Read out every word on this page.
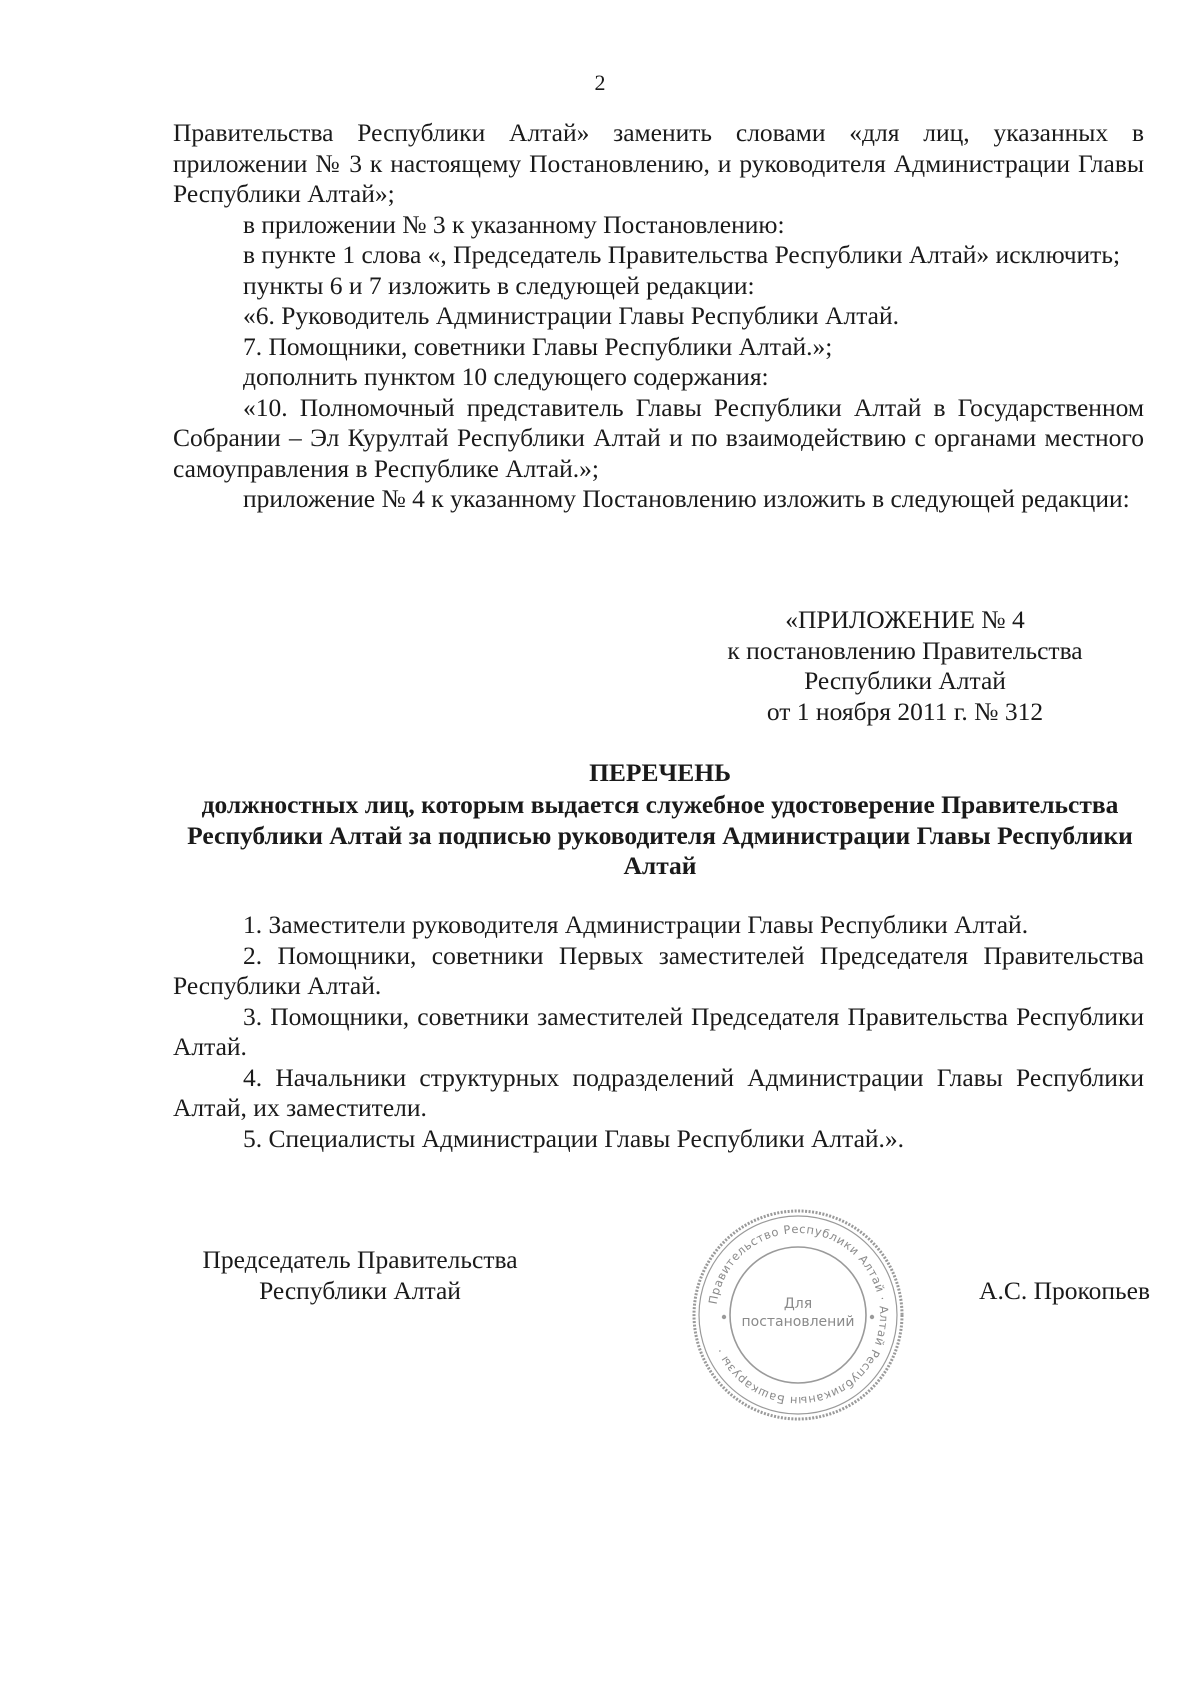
2

Правительства Республики Алтай» заменить словами «для лиц, указанных в приложении № 3 к настоящему Постановлению, и руководителя Администрации Главы Республики Алтай»;

в приложении № 3 к указанному Постановлению:

в пункте 1 слова «, Председатель Правительства Республики Алтай» исключить;

пункты 6 и 7 изложить в следующей редакции:

«6. Руководитель Администрации Главы Республики Алтай.

7. Помощники, советники Главы Республики Алтай.»;

дополнить пунктом 10 следующего содержания:

«10. Полномочный представитель Главы Республики Алтай в Государственном Собрании – Эл Курултай Республики Алтай и по взаимодействию с органами местного самоуправления в Республике Алтай.»;

приложение № 4 к указанному Постановлению изложить в следующей редакции:

«ПРИЛОЖЕНИЕ № 4
к постановлению Правительства
Республики Алтай
от 1 ноября 2011 г. № 312
ПЕРЕЧЕНЬ
должностных лиц, которым выдается служебное удостоверение Правительства Республики Алтай за подписью руководителя Администрации Главы Республики Алтай

1. Заместители руководителя Администрации Главы Республики Алтай.

2. Помощники, советники Первых заместителей Председателя Правительства Республики Алтай.

3. Помощники, советники заместителей Председателя Правительства Республики Алтай.

4. Начальники структурных подразделений Администрации Главы Республики Алтай, их заместители.

5. Специалисты Администрации Главы Республики Алтай.».

Председатель Правительства
Республики Алтай	А.С. Прокопьев
Правительство Республики Алтай · Алтай Республиканын Башкарузы ·
Для
постановлений
